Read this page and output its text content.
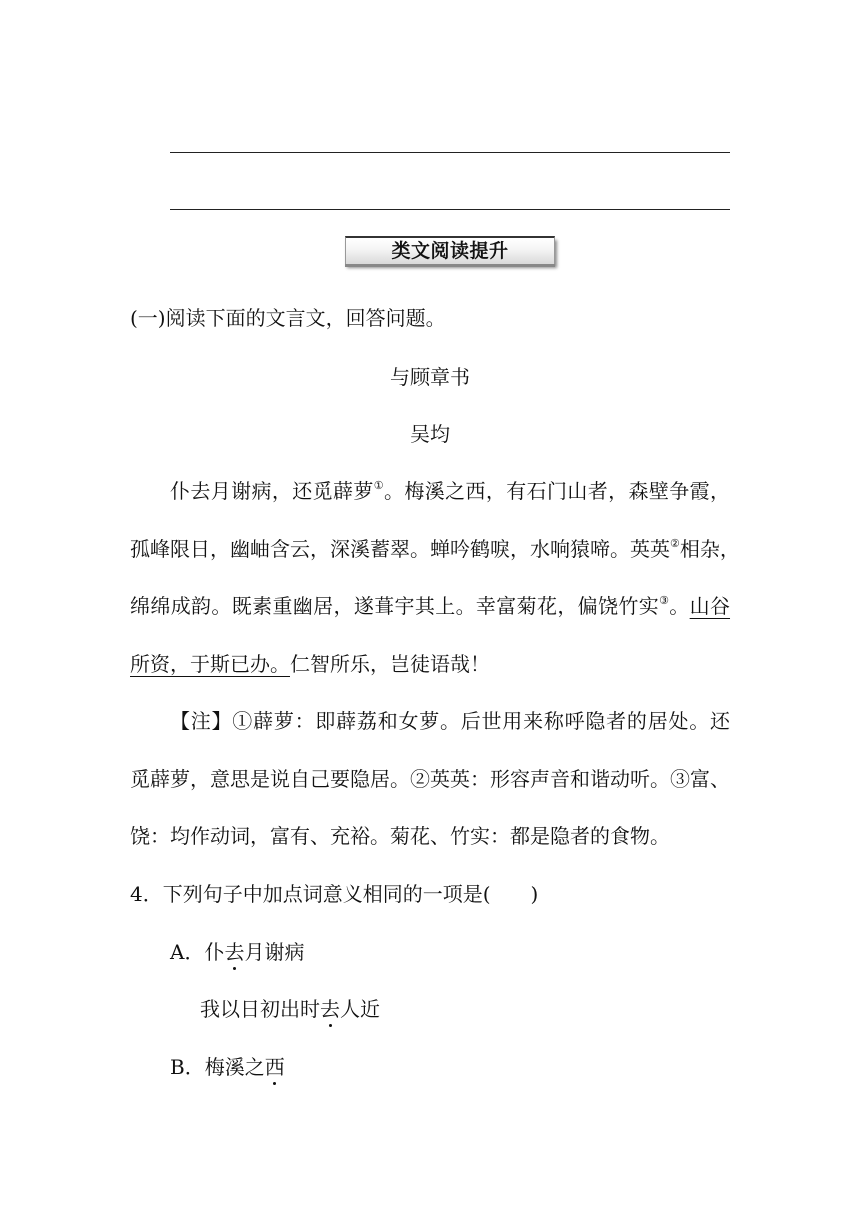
类文阅读提升
(一)阅读下面的文言文，回答问题。
与顾章书
吴均
仆去月谢病，还觅薜萝①。梅溪之西，有石门山者，森壁争霞，
孤峰限日，幽岫含云，深溪蓄翠。蝉吟鹤唳，水响猿啼。英英②相杂，
绵绵成韵。既素重幽居，遂葺宇其上。幸富菊花，偏饶竹实③。山谷
所资，于斯已办。仁智所乐，岂徒语哉！
【注】①薜萝：即薜荔和女萝。后世用来称呼隐者的居处。还
觅薜萝，意思是说自己要隐居。②英英：形容声音和谐动听。③富、
饶：均作动词，富有、充裕。菊花、竹实：都是隐者的食物。
4．下列句子中加点词意义相同的一项是(　　)
A．仆去月谢病
我以日初出时去人近
B．梅溪之西
